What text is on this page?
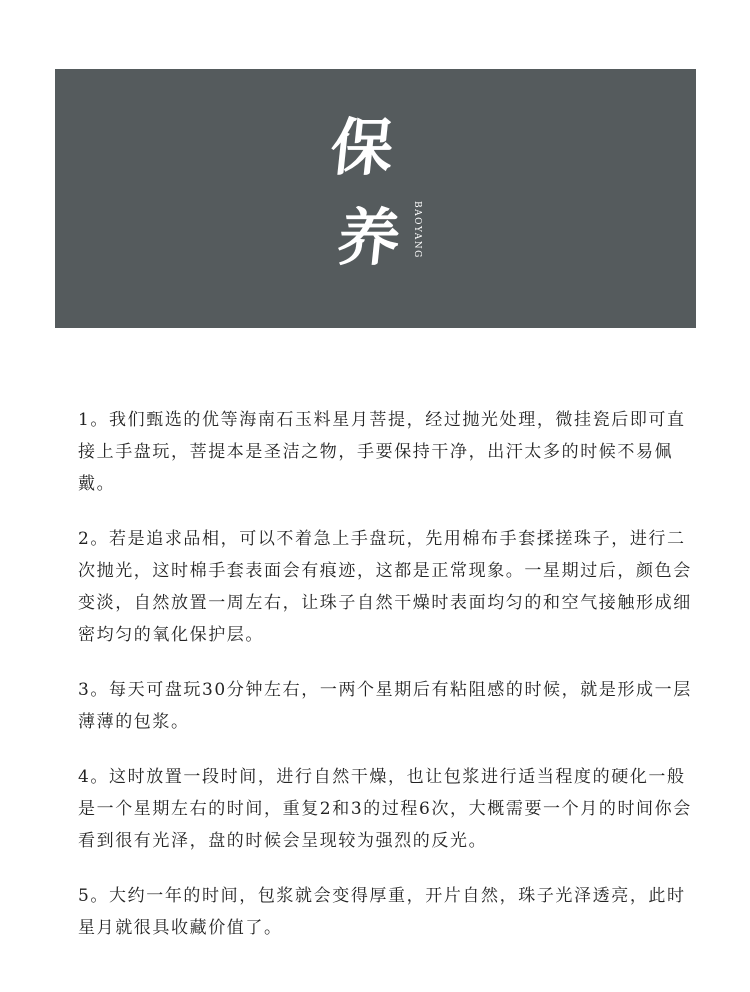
保
养 BAOYANG

1。我们甄选的优等海南石玉料星月菩提，经过抛光处理，微挂瓷后即可直接上手盘玩，菩提本是圣洁之物，手要保持干净，出汗太多的时候不易佩戴。

2。若是追求品相，可以不着急上手盘玩，先用棉布手套揉搓珠子，进行二次抛光，这时棉手套表面会有痕迹，这都是正常现象。一星期过后，颜色会变淡，自然放置一周左右，让珠子自然干燥时表面均匀的和空气接触形成细密均匀的氧化保护层。

3。每天可盘玩30分钟左右，一两个星期后有粘阻感的时候，就是形成一层薄薄的包浆。

4。这时放置一段时间，进行自然干燥，也让包浆进行适当程度的硬化一般是一个星期左右的时间，重复2和3的过程6次，大概需要一个月的时间你会看到很有光泽，盘的时候会呈现较为强烈的反光。

5。大约一年的时间，包浆就会变得厚重，开片自然，珠子光泽透亮，此时星月就很具收藏价值了。
